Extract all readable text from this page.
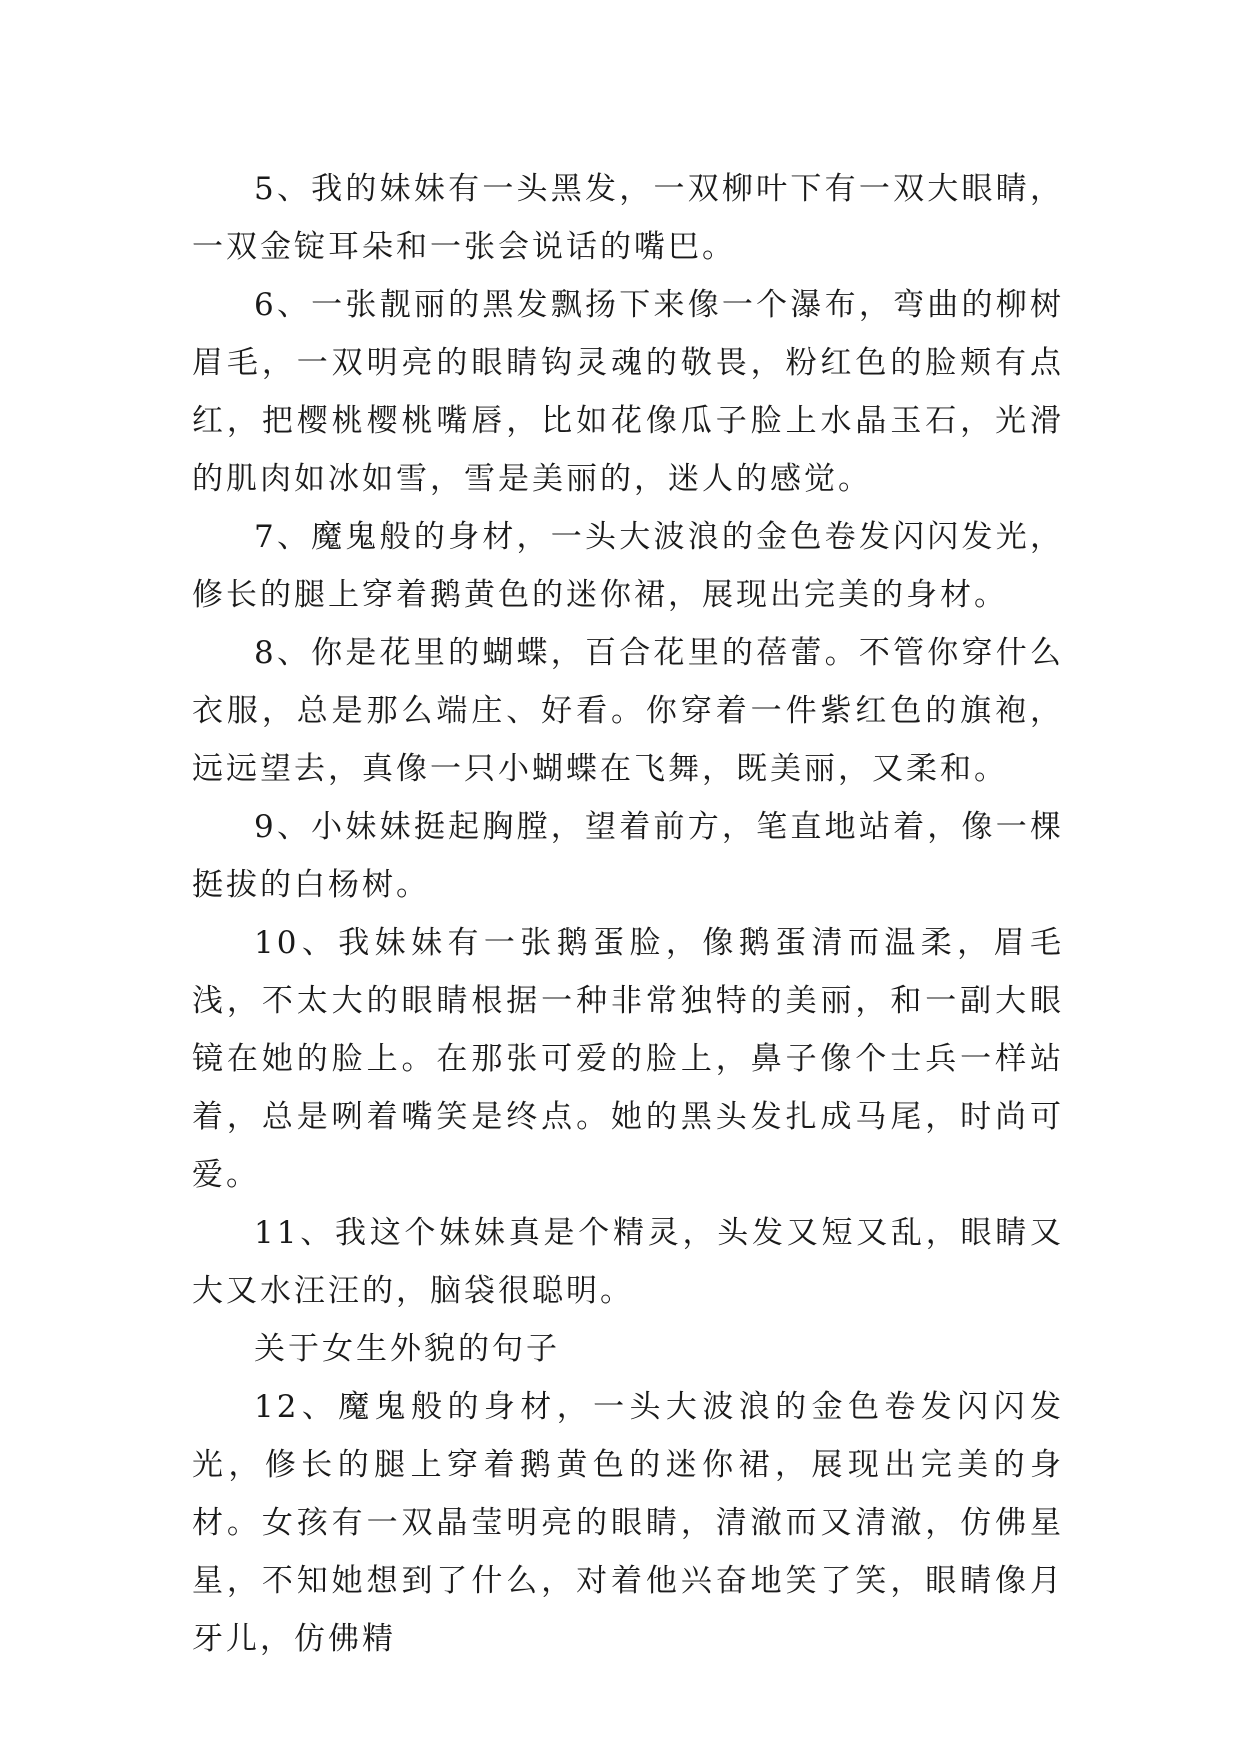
5、我的妹妹有一头黑发，一双柳叶下有一双大眼睛，一双金锭耳朵和一张会说话的嘴巴。

6、一张靓丽的黑发飘扬下来像一个瀑布，弯曲的柳树眉毛，一双明亮的眼睛钩灵魂的敬畏，粉红色的脸颊有点红，把樱桃樱桃嘴唇，比如花像瓜子脸上水晶玉石，光滑的肌肉如冰如雪，雪是美丽的，迷人的感觉。

7、魔鬼般的身材，一头大波浪的金色卷发闪闪发光，修长的腿上穿着鹅黄色的迷你裙，展现出完美的身材。

8、你是花里的蝴蝶，百合花里的蓓蕾。不管你穿什么衣服，总是那么端庄、好看。你穿着一件紫红色的旗袍，远远望去，真像一只小蝴蝶在飞舞，既美丽，又柔和。

9、小妹妹挺起胸膛，望着前方，笔直地站着，像一棵挺拔的白杨树。

10、我妹妹有一张鹅蛋脸，像鹅蛋清而温柔，眉毛浅，不太大的眼睛根据一种非常独特的美丽，和一副大眼镜在她的脸上。在那张可爱的脸上，鼻子像个士兵一样站着，总是咧着嘴笑是终点。她的黑头发扎成马尾，时尚可爱。

11、我这个妹妹真是个精灵，头发又短又乱，眼睛又大又水汪汪的，脑袋很聪明。

关于女生外貌的句子

12、魔鬼般的身材，一头大波浪的金色卷发闪闪发光，修长的腿上穿着鹅黄色的迷你裙，展现出完美的身材。女孩有一双晶莹明亮的眼睛，清澈而又清澈，仿佛星星，不知她想到了什么，对着他兴奋地笑了笑，眼睛像月牙儿，仿佛精
